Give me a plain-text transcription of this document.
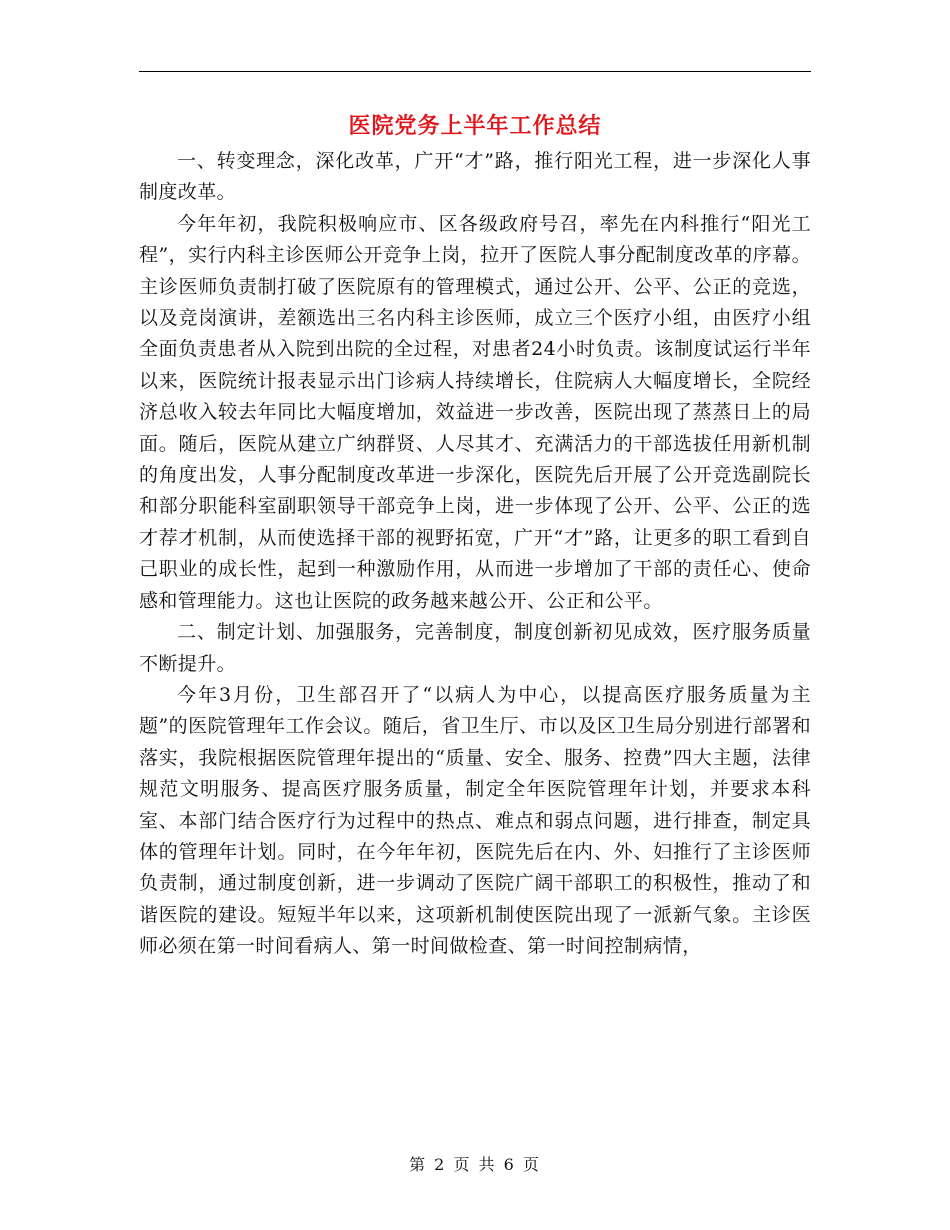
医院党务上半年工作总结

一、转变理念，深化改革，广开“才”路，推行阳光工程，进一步深化人事制度改革。

今年年初，我院积极响应市、区各级政府号召，率先在内科推行“阳光工程”，实行内科主诊医师公开竞争上岗，拉开了医院人事分配制度改革的序幕。主诊医师负责制打破了医院原有的管理模式，通过公开、公平、公正的竞选，以及竞岗演讲，差额选出三名内科主诊医师，成立三个医疗小组，由医疗小组全面负责患者从入院到出院的全过程，对患者24小时负责。该制度试运行半年以来，医院统计报表显示出门诊病人持续增长，住院病人大幅度增长，全院经济总收入较去年同比大幅度增加，效益进一步改善，医院出现了蒸蒸日上的局面。随后，医院从建立广纳群贤、人尽其才、充满活力的干部选拔任用新机制的角度出发，人事分配制度改革进一步深化，医院先后开展了公开竞选副院长和部分职能科室副职领导干部竞争上岗，进一步体现了公开、公平、公正的选才荐才机制，从而使选择干部的视野拓宽，广开“才”路，让更多的职工看到自己职业的成长性，起到一种激励作用，从而进一步增加了干部的责任心、使命感和管理能力。这也让医院的政务越来越公开、公正和公平。

二、制定计划、加强服务，完善制度，制度创新初见成效，医疗服务质量不断提升。

今年3月份，卫生部召开了“以病人为中心，以提高医疗服务质量为主题”的医院管理年工作会议。随后，省卫生厅、市以及区卫生局分别进行部署和落实，我院根据医院管理年提出的“质量、安全、服务、控费”四大主题，法律规范文明服务、提高医疗服务质量，制定全年医院管理年计划，并要求本科室、本部门结合医疗行为过程中的热点、难点和弱点问题，进行排查，制定具体的管理年计划。同时，在今年年初，医院先后在内、外、妇推行了主诊医师负责制，通过制度创新，进一步调动了医院广阔干部职工的积极性，推动了和谐医院的建设。短短半年以来，这项新机制使医院出现了一派新气象。主诊医师必须在第一时间看病人、第一时间做检查、第一时间控制病情，

第 2 页 共 6 页
